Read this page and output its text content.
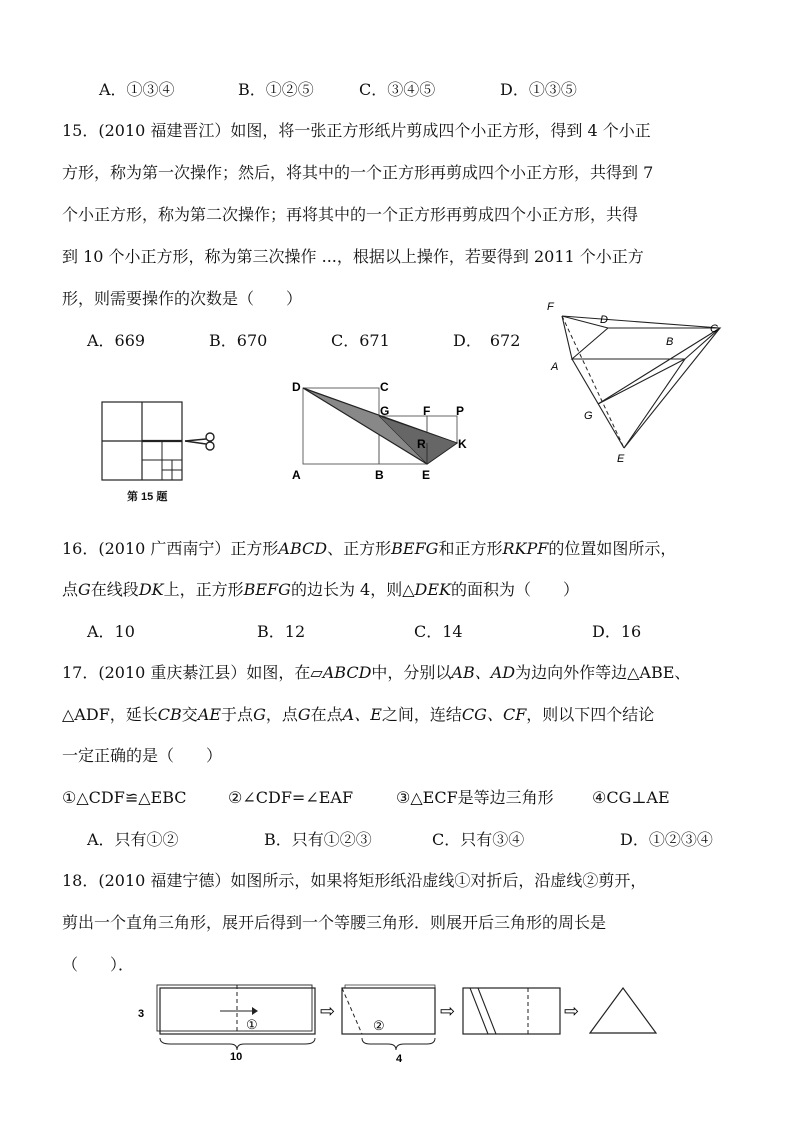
A．①③④	B．①②⑤	C．③④⑤	D．①③⑤
15．(2010 福建晋江）如图，将一张正方形纸片剪成四个小正方形，得到 4 个小正
方形，称为第一次操作；然后，将其中的一个正方形再剪成四个小正方形，共得到 7
个小正方形，称为第二次操作；再将其中的一个正方形再剪成四个小正方形，共得
到 10 个小正方形，称为第三次操作 ...，根据以上操作，若要得到 2011 个小正方
形，则需要操作的次数是（　　）
A．669	B．670	C．671	D．　672
第 15 题
D	C
G	F P
R	K
A	B	E
F
D
C
B
A
G
E
16．(2010 广西南宁）正方形ABCD、正方形BEFG和正方形RKPF的位置如图所示，
点G在线段DK上，正方形BEFG的边长为 4，则△DEK的面积为（　　）
A．10	B．12	C．14	D．16
17．(2010 重庆綦江县）如图，在▱ABCD中，分别以AB、AD为边向外作等边△ABE、
△ADF，延长CB交AE于点G，点G在点A、E之间，连结CG、CF，则以下四个结论
一定正确的是（　　）
①△CDF≌△EBC	②∠CDF=∠EAF	③△ECF是等边三角形 ④CG⊥AE
A．只有①②	B．只有①②③	C．只有③④	D．①②③④
18．(2010 福建宁德）如图所示，如果将矩形纸沿虚线①对折后，沿虚线②剪开，
剪出一个直角三角形，展开后得到一个等腰三角形．则展开后三角形的周长是
（　　）．
①
3
10
⇨
②
4
⇨	⇨
